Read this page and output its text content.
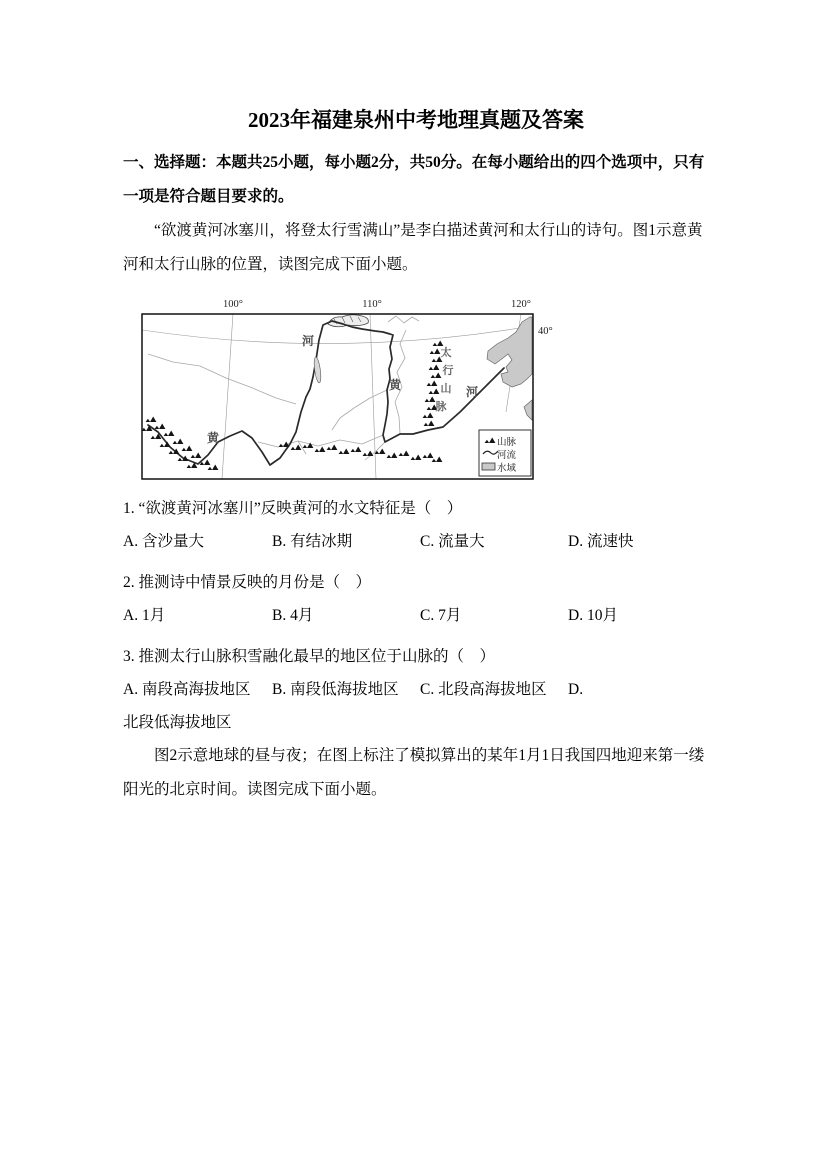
2023年福建泉州中考地理真题及答案

一、选择题：本题共25小题，每小题2分，共50分。在每小题给出的四个选项中，只有一项是符合题目要求的。

“欲渡黄河冰塞川，将登太行雪满山”是李白描述黄河和太行山的诗句。图1示意黄河和太行山脉的位置，读图完成下面小题。

100°	110°	120°
40°
河
黄
黄	河
太
行
山
脉
山脉
河流
水域

1. “欲渡黄河冰塞川”反映黄河的水文特征是（　）

A. 含沙量大	B. 有结冰期	C. 流量大	D. 流速快

2. 推测诗中情景反映的月份是（　）

A. 1月	B. 4月	C. 7月	D. 10月

3. 推测太行山脉积雪融化最早的地区位于山脉的（　）

A. 南段高海拔地区	B. 南段低海拔地区	C. 北段高海拔地区	D.

北段低海拔地区

图2示意地球的昼与夜；在图上标注了模拟算出的某年1月1日我国四地迎来第一缕阳光的北京时间。读图完成下面小题。
